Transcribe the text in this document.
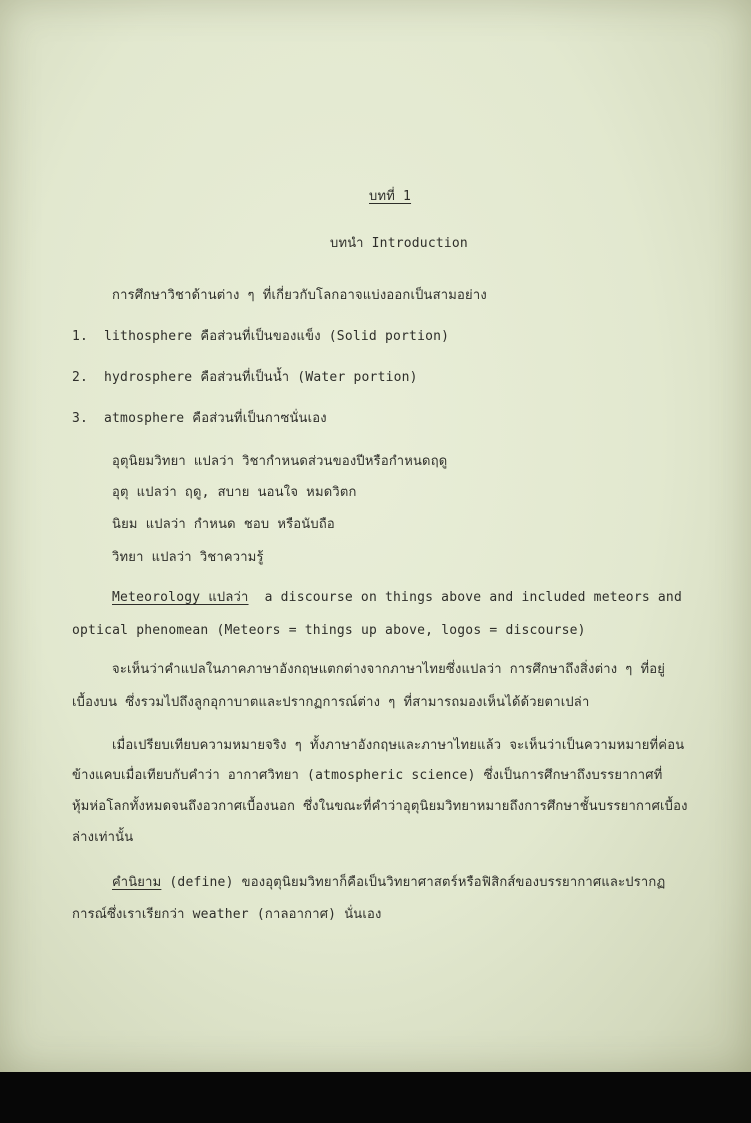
บทที่ 1
บทนำ Introduction
การศึกษาวิชาด้านต่าง ๆ ที่เกี่ยวกับโลกอาจแบ่งออกเป็นสามอย่าง
1. lithosphere คือส่วนที่เป็นของแข็ง (Solid portion)
2. hydrosphere คือส่วนที่เป็นน้ำ (Water portion)
3. atmosphere คือส่วนที่เป็นกาซนั่นเอง
อุตุนิยมวิทยา แปลว่า วิชากำหนดส่วนของปีหรือกำหนดฤดู
อุตุ แปลว่า ฤดู, สบาย นอนใจ หมดวิตก
นิยม แปลว่า กำหนด ชอบ หรือนับถือ
วิทยา แปลว่า วิชาความรู้
Meteorology แปลว่า a discourse on things above and included meteors and
optical phenomean (Meteors = things up above, logos = discourse)
จะเห็นว่าคำแปลในภาคภาษาอังกฤษแตกต่างจากภาษาไทยซึ่งแปลว่า การศึกษาถึงสิ่งต่าง ๆ ที่อยู่
เบื้องบน ซึ่งรวมไปถึงลูกอุกาบาตและปรากฏการณ์ต่าง ๆ ที่สามารถมองเห็นได้ด้วยตาเปล่า
เมื่อเปรียบเทียบความหมายจริง ๆ ทั้งภาษาอังกฤษและภาษาไทยแล้ว จะเห็นว่าเป็นความหมายที่ค่อน
ข้างแคบเมื่อเทียบกับคำว่า อากาศวิทยา (atmospheric science) ซึ่งเป็นการศึกษาถึงบรรยากาศที่
หุ้มห่อโลกทั้งหมดจนถึงอวกาศเบื้องนอก ซึ่งในขณะที่คำว่าอุตุนิยมวิทยาหมายถึงการศึกษาชั้นบรรยากาศเบื้อง
ล่างเท่านั้น
คำนิยาม (define) ของอุตุนิยมวิทยาก็คือเป็นวิทยาศาสตร์หรือฟิสิกส์ของบรรยากาศและปรากฏ
การณ์ซึ่งเราเรียกว่า weather (กาลอากาศ) นั่นเอง
